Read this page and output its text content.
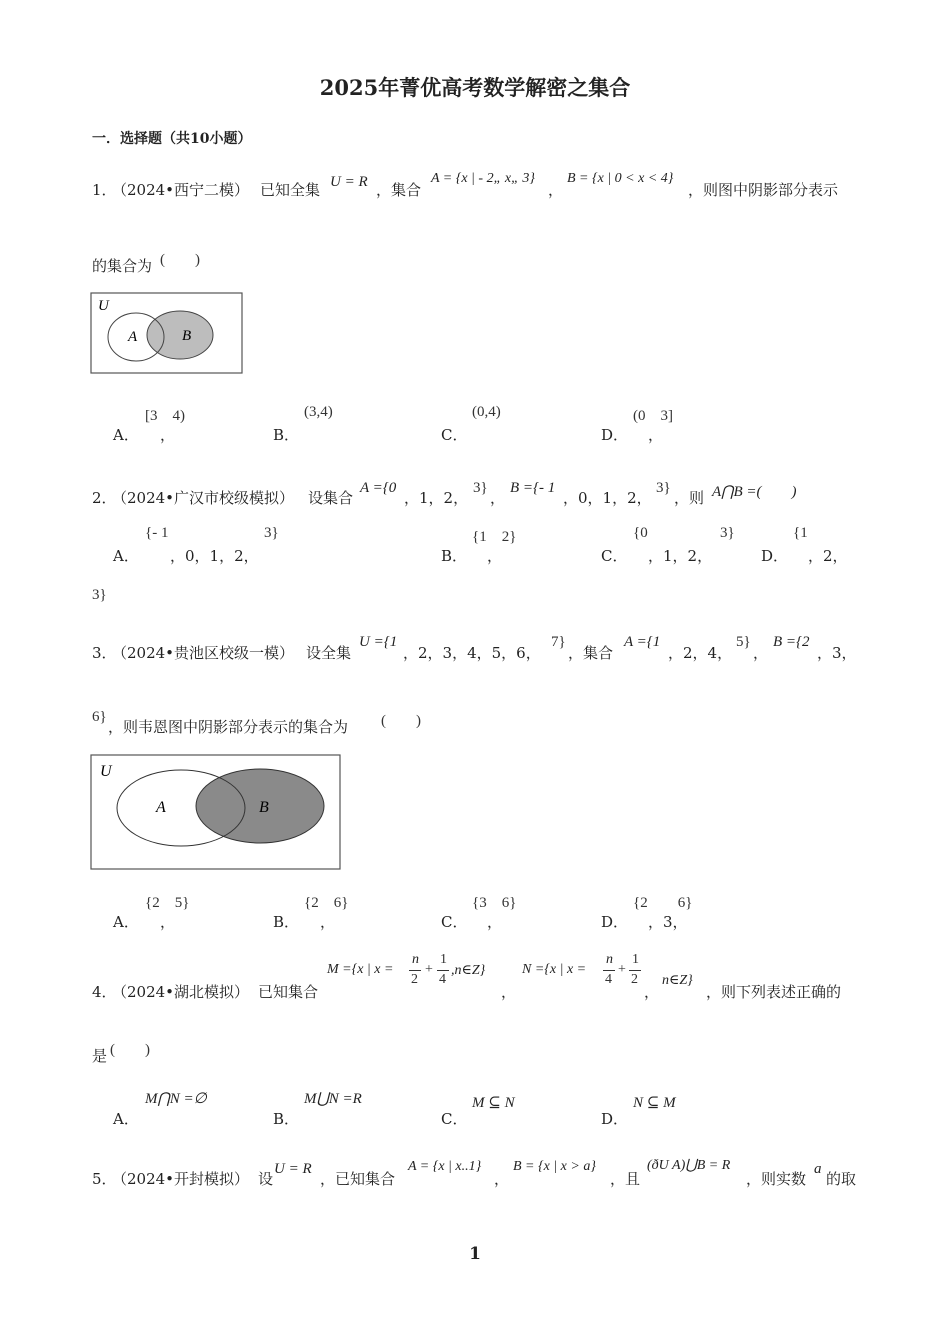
2025年菁优高考数学解密之集合
一．选择题（共10小题）
1．
（2024•西宁二模） 已知全集 U = R ，集合
A = {x | - 2„ x„ 3}
，
B = {x | 0 < x < 4}
，则图中阴影部分表示
的集合为 (　　)
U
A	B
A．
[3　4)
，	B．
(3,4)
C．
(0,4)
D．
(0　3]
，
2．
（2024•广汉市校级模拟） 设集合
A ={0
，1，2，
3}
，
B ={- 1
，0，1，2，
3}
，则 A⋂B =(　　)
A．
{- 1
，0，1，2，
3}
B．
{1　2}
，	C．
{0
，1，2，
3}
D．
{1
，2，
3}
3．
（2024•贵池区校级一模） 设全集
U ={1
，2，3，4，5，6，
7}
，集合
A ={1
，2，4，
5}
，
B ={2
，3，
6}
，则韦恩图中阴影部分表示的集合为 (　　)
U
A	B
A．
{2　5}
，	B．
{2　6}
，	C．
{3　6}
，	D．
{2　　6}
，3，
4．
（2024•湖北模拟） 已知集合
M ={x | x =
n
2
+
1
4
,n∈Z}
，
N ={x | x =
n
4
+
1
2
，
n∈Z}
，则下列表述正确的
是 (　　)
A．
M⋂N =∅
B．
M⋃N =R
C．
M ⊆ N
D．
N ⊆ M
5．
（2024•开封模拟） 设
U = R
，已知集合
A = {x | x..1}
，
B = {x | x > a}
，且
(ðU A)⋃B = R
，则实数
a
的取
1
